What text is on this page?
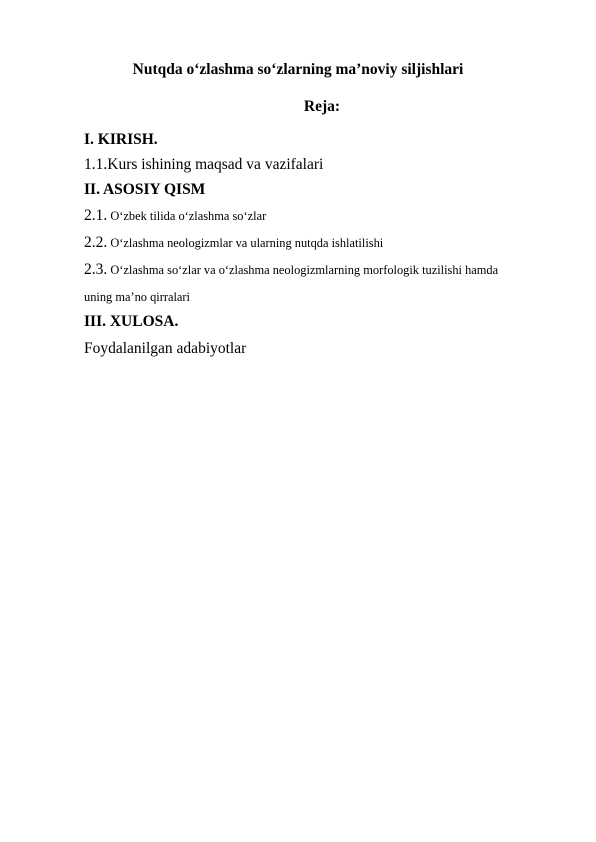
Nutqda o‘zlashma so‘zlarning ma’noviy siljishlari
Reja:
I. KIRISH.
1.1.Kurs ishining maqsad va vazifalari
II. ASOSIY QISM
2.1. O‘zbek tilida o‘zlashma so‘zlar
2.2. O‘zlashma neologizmlar va ularning nutqda ishlatilishi
2.3. O‘zlashma so‘zlar va o‘zlashma neologizmlarning morfologik tuzilishi hamda
uning ma’no qirralari
III. XULOSA.
Foydalanilgan adabiyotlar
